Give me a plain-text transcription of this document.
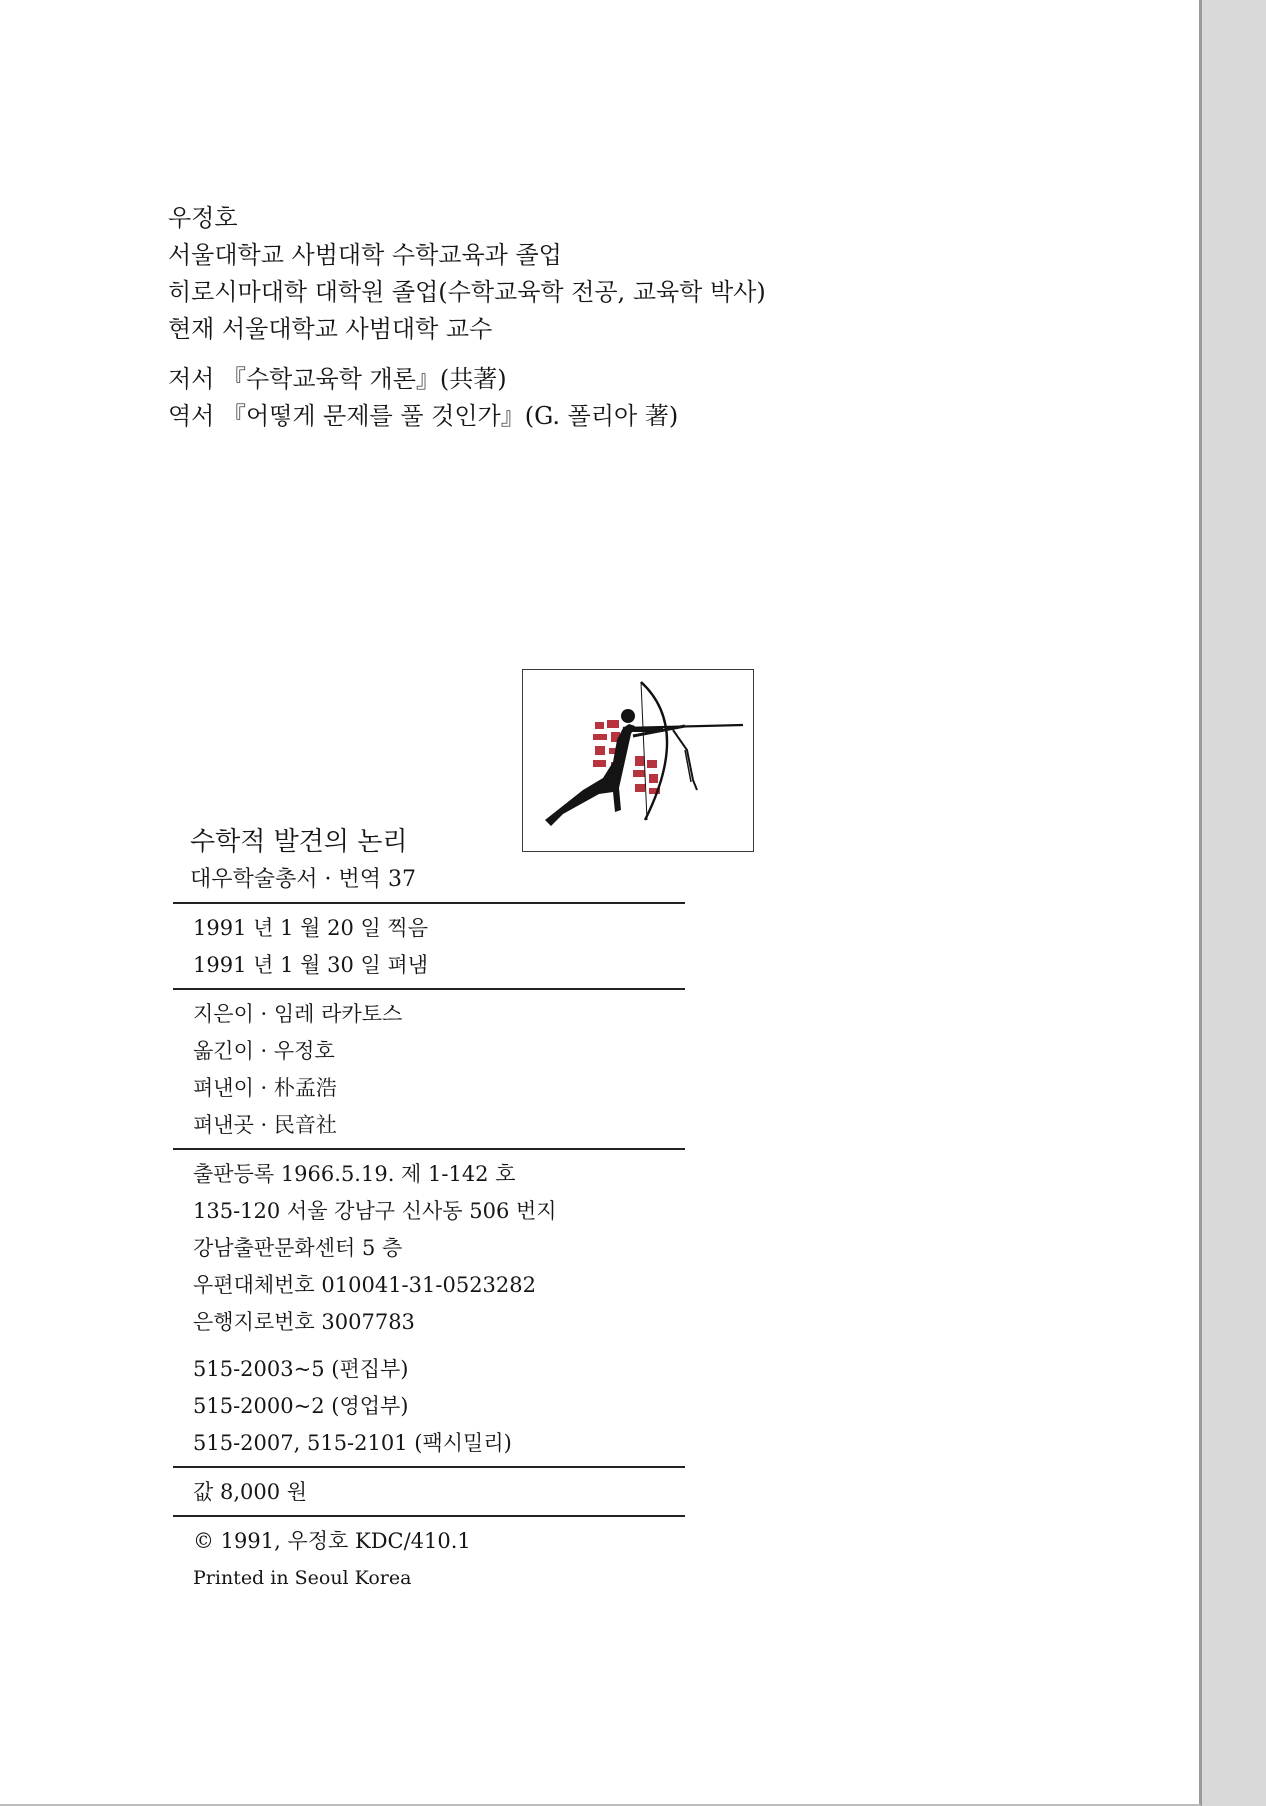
우정호
서울대학교 사범대학 수학교육과 졸업
히로시마대학 대학원 졸업(수학교육학 전공, 교육학 박사)
현재 서울대학교 사범대학 교수
저서 『수학교육학 개론』(共著)
역서 『어떻게 문제를 풀 것인가』(G. 폴리아 著)
수학적 발견의 논리
대우학술총서 · 번역 37
1991 년 1 월 20 일 찍음
1991 년 1 월 30 일 펴냄
지은이 · 임레 라카토스
옮긴이 · 우정호
펴낸이 · 朴孟浩
펴낸곳 · 民音社
출판등록 1966.5.19. 제 1-142 호
135-120 서울 강남구 신사동 506 번지
강남출판문화센터 5 층
우편대체번호 010041-31-0523282
은행지로번호 3007783
515-2003~5 (편집부)
515-2000~2 (영업부)
515-2007, 515-2101 (팩시밀리)
값 8,000 원
© 1991, 우정호 KDC/410.1
Printed in Seoul Korea
